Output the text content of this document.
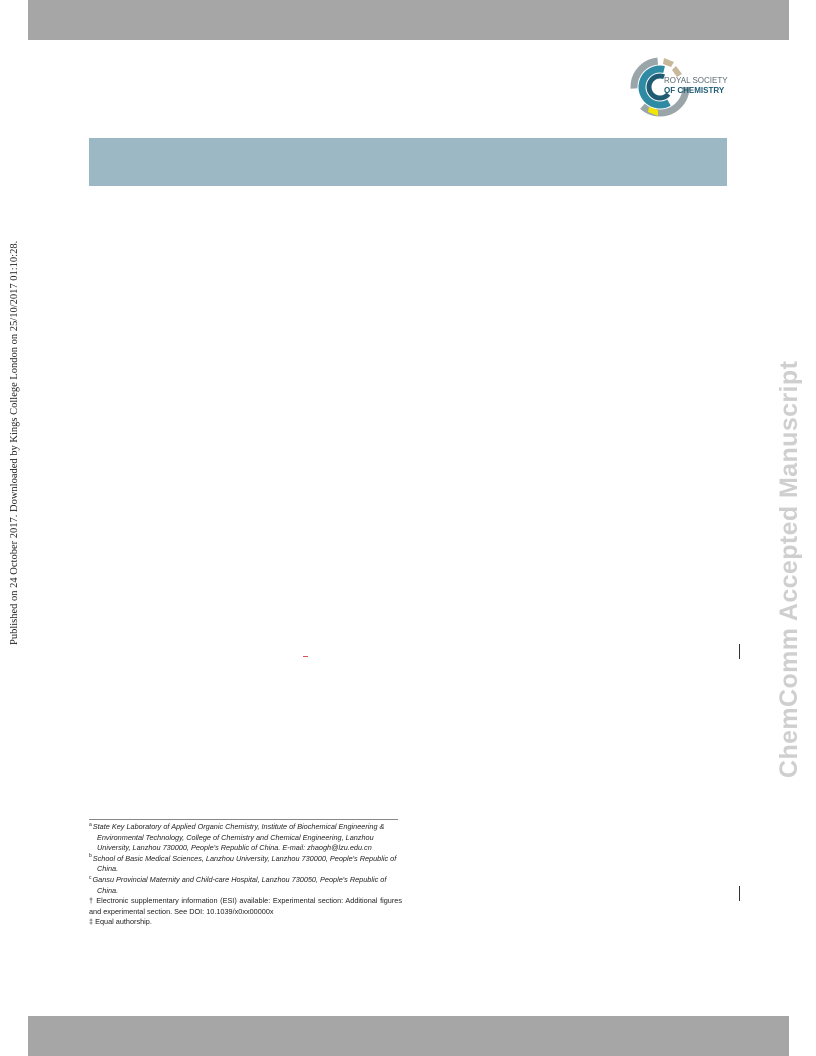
ROYAL SOCIETY
OF CHEMISTRY
Published on 24 October 2017. Downloaded by Kings College London on 25/10/2017 01:10:28.	ChemComm Accepted Manuscript

$^a$State Key Laboratory of Applied Organic Chemistry, Institute of Biochemical Engineering & Environmental Technology, College of Chemistry and Chemical Engineering, Lanzhou University, Lanzhou 730000, People's Republic of China. E-mail: zhaogh@lzu.edu.cn

$^b$School of Basic Medical Sciences, Lanzhou University, Lanzhou 730000, People's Republic of China.

$^c$Gansu Provincial Maternity and Child-care Hospital, Lanzhou 730050, People's Republic of China.

† Electronic supplementary information (ESI) available: Experimental section: Additional figures and experimental section. See DOI: 10.1039/x0xx00000x

‡ Equal authorship.
